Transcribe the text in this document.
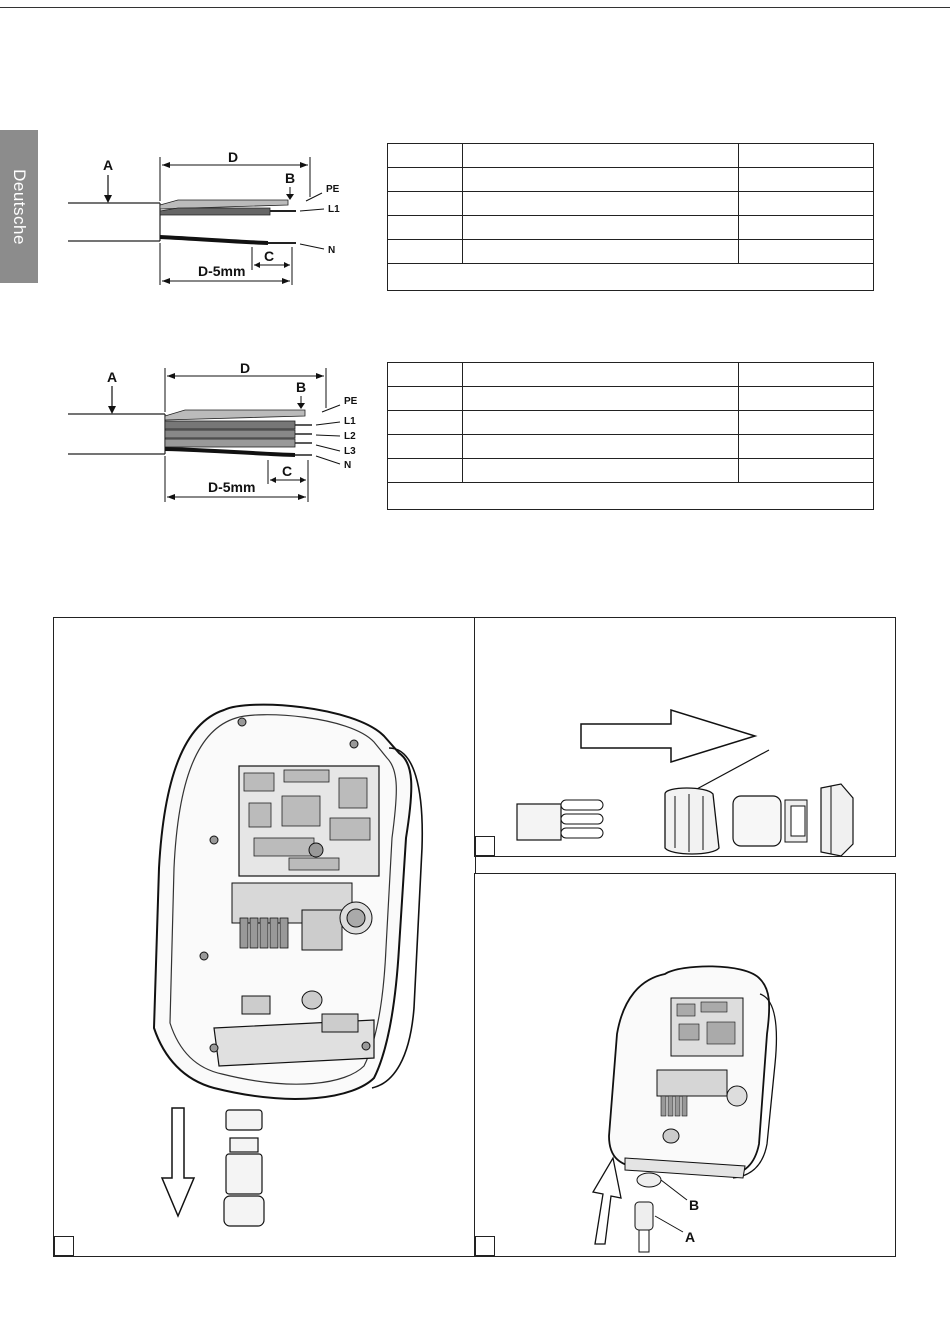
Deutsche
A	D
B
PE
L1
N
C
D-5mm

A
D
B
PE
L1
L2
L3
N
C
D-5mm

B
A
